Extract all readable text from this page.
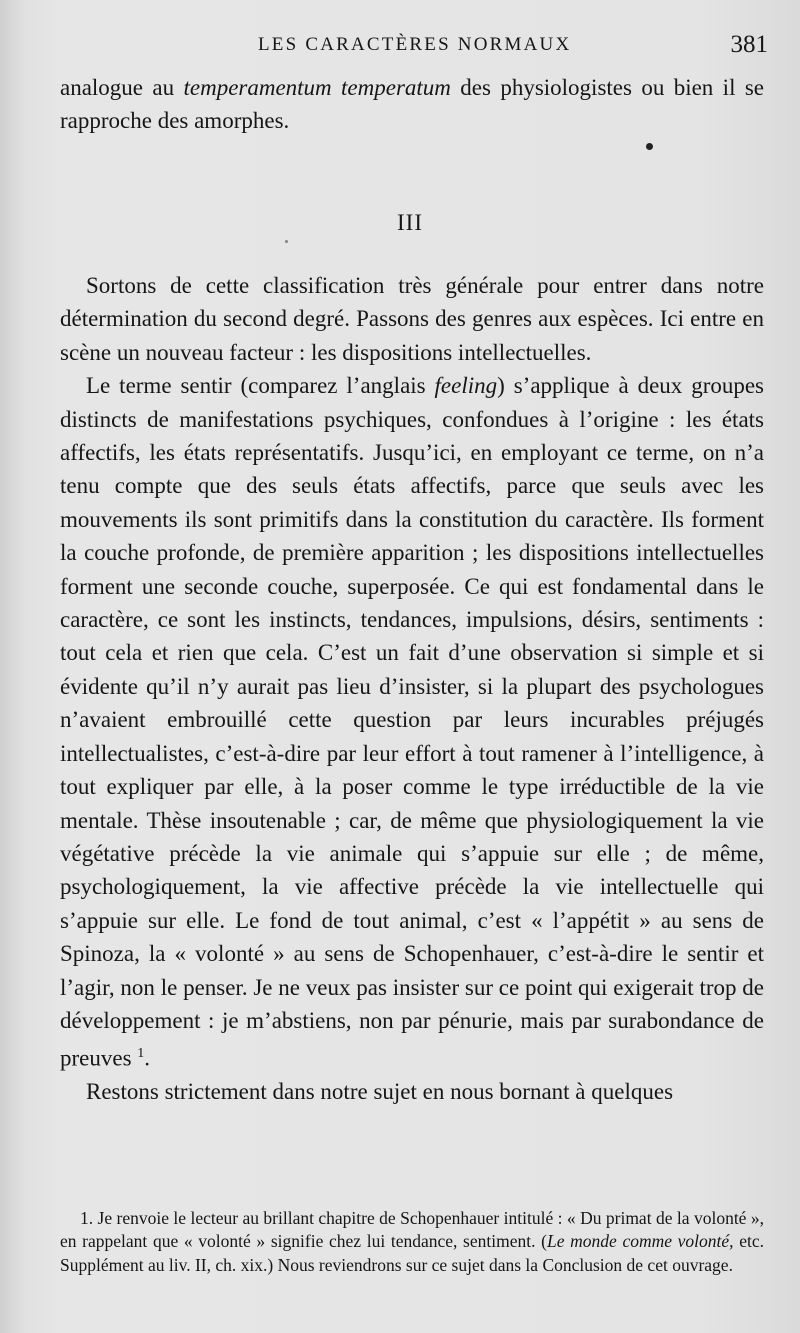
LES CARACTÈRES NORMAUX	381

analogue au temperamentum temperatum des physiologistes ou bien il se rapproche des amorphes.

III

Sortons de cette classification très générale pour entrer dans notre détermination du second degré. Passons des genres aux espèces. Ici entre en scène un nouveau facteur : les dispositions intellectuelles.

Le terme sentir (comparez l’anglais feeling) s’applique à deux groupes distincts de manifestations psychiques, confondues à l’origine : les états affectifs, les états représentatifs. Jusqu’ici, en employant ce terme, on n’a tenu compte que des seuls états affectifs, parce que seuls avec les mouvements ils sont primitifs dans la constitution du caractère. Ils forment la couche profonde, de première apparition ; les dispositions intellectuelles forment une seconde couche, superposée. Ce qui est fondamental dans le caractère, ce sont les instincts, tendances, impulsions, désirs, sentiments : tout cela et rien que cela. C’est un fait d’une observation si simple et si évidente qu’il n’y aurait pas lieu d’insister, si la plupart des psychologues n’avaient embrouillé cette question par leurs incurables préjugés intellectualistes, c’est-à-dire par leur effort à tout ramener à l’intelligence, à tout expliquer par elle, à la poser comme le type irréductible de la vie mentale. Thèse insoutenable ; car, de même que physiologiquement la vie végétative précède la vie animale qui s’appuie sur elle ; de même, psychologiquement, la vie affective précède la vie intellectuelle qui s’appuie sur elle. Le fond de tout animal, c’est « l’appétit » au sens de Spinoza, la « volonté » au sens de Schopenhauer, c’est-à-dire le sentir et l’agir, non le penser. Je ne veux pas insister sur ce point qui exigerait trop de développement : je m’abstiens, non par pénurie, mais par surabondance de preuves $^1$.

Restons strictement dans notre sujet en nous bornant à quelques

1. Je renvoie le lecteur au brillant chapitre de Schopenhauer intitulé : « Du primat de la volonté », en rappelant que « volonté » signifie chez lui tendance, sentiment. (Le monde comme volonté, etc. Supplément au liv. II, ch. xix.) Nous reviendrons sur ce sujet dans la Conclusion de cet ouvrage.
